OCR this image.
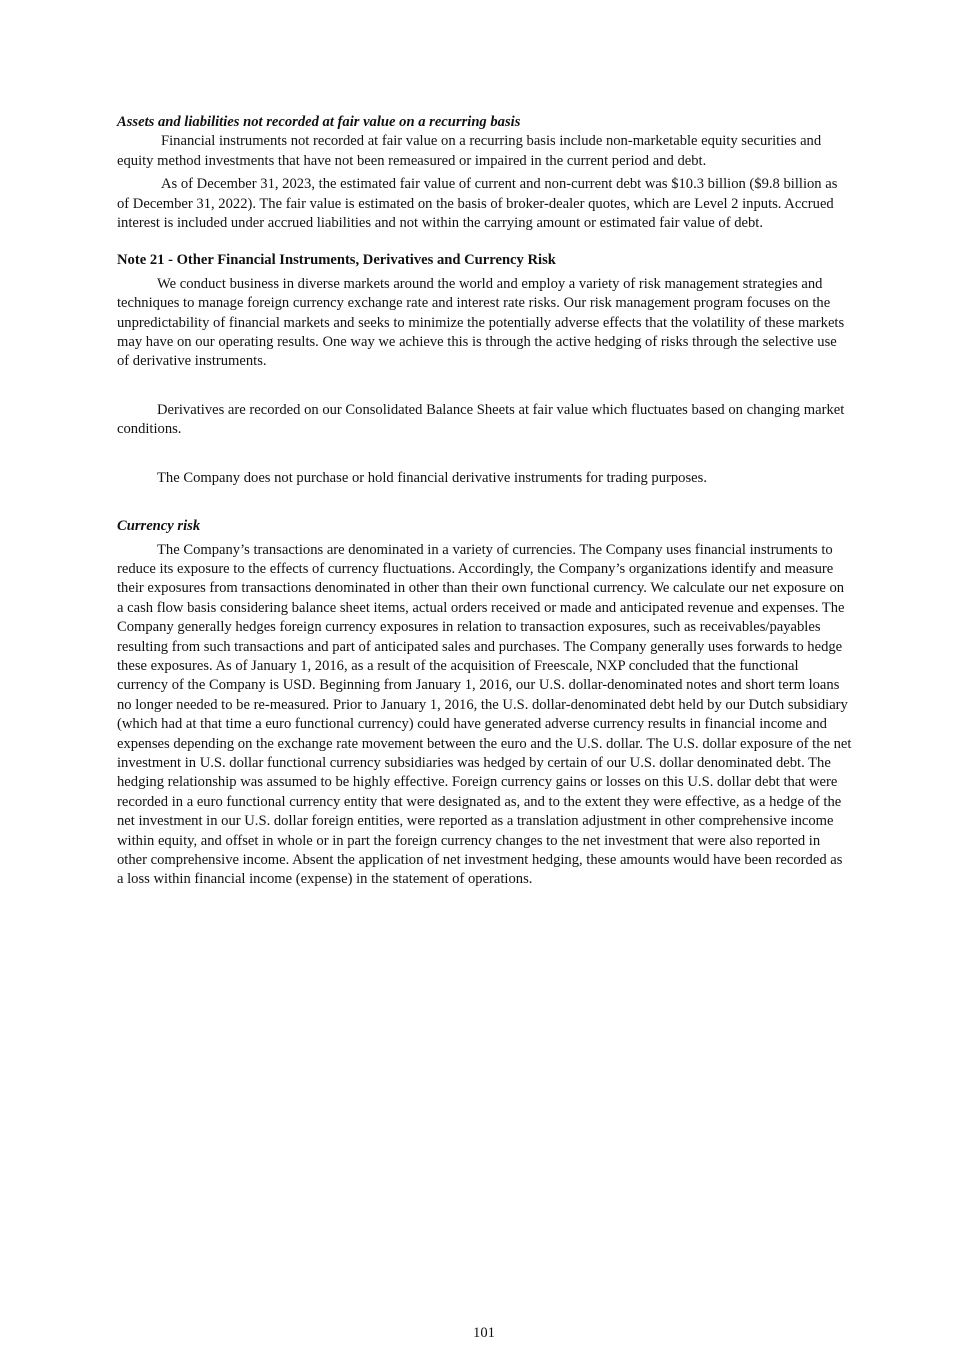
Assets and liabilities not recorded at fair value on a recurring basis

Financial instruments not recorded at fair value on a recurring basis include non-marketable equity securities and equity method investments that have not been remeasured or impaired in the current period and debt.

As of December 31, 2023, the estimated fair value of current and non-current debt was $10.3 billion ($9.8 billion as of December 31, 2022). The fair value is estimated on the basis of broker-dealer quotes, which are Level 2 inputs. Accrued interest is included under accrued liabilities and not within the carrying amount or estimated fair value of debt.

Note 21 - Other Financial Instruments, Derivatives and Currency Risk

We conduct business in diverse markets around the world and employ a variety of risk management strategies and techniques to manage foreign currency exchange rate and interest rate risks. Our risk management program focuses on the unpredictability of financial markets and seeks to minimize the potentially adverse effects that the volatility of these markets may have on our operating results. One way we achieve this is through the active hedging of risks through the selective use of derivative instruments.

Derivatives are recorded on our Consolidated Balance Sheets at fair value which fluctuates based on changing market conditions.

The Company does not purchase or hold financial derivative instruments for trading purposes.

Currency risk

The Company’s transactions are denominated in a variety of currencies. The Company uses financial instruments to reduce its exposure to the effects of currency fluctuations. Accordingly, the Company’s organizations identify and measure their exposures from transactions denominated in other than their own functional currency. We calculate our net exposure on a cash flow basis considering balance sheet items, actual orders received or made and anticipated revenue and expenses. The Company generally hedges foreign currency exposures in relation to transaction exposures, such as receivables/payables resulting from such transactions and part of anticipated sales and purchases. The Company generally uses forwards to hedge these exposures. As of January 1, 2016, as a result of the acquisition of Freescale, NXP concluded that the functional currency of the Company is USD. Beginning from January 1, 2016, our U.S. dollar-denominated notes and short term loans no longer needed to be re-measured. Prior to January 1, 2016, the U.S. dollar-denominated debt held by our Dutch subsidiary (which had at that time a euro functional currency) could have generated adverse currency results in financial income and expenses depending on the exchange rate movement between the euro and the U.S. dollar. The U.S. dollar exposure of the net investment in U.S. dollar functional currency subsidiaries was hedged by certain of our U.S. dollar denominated debt. The hedging relationship was assumed to be highly effective. Foreign currency gains or losses on this U.S. dollar debt that were recorded in a euro functional currency entity that were designated as, and to the extent they were effective, as a hedge of the net investment in our U.S. dollar foreign entities, were reported as a translation adjustment in other comprehensive income within equity, and offset in whole or in part the foreign currency changes to the net investment that were also reported in other comprehensive income. Absent the application of net investment hedging, these amounts would have been recorded as a loss within financial income (expense) in the statement of operations.

101
